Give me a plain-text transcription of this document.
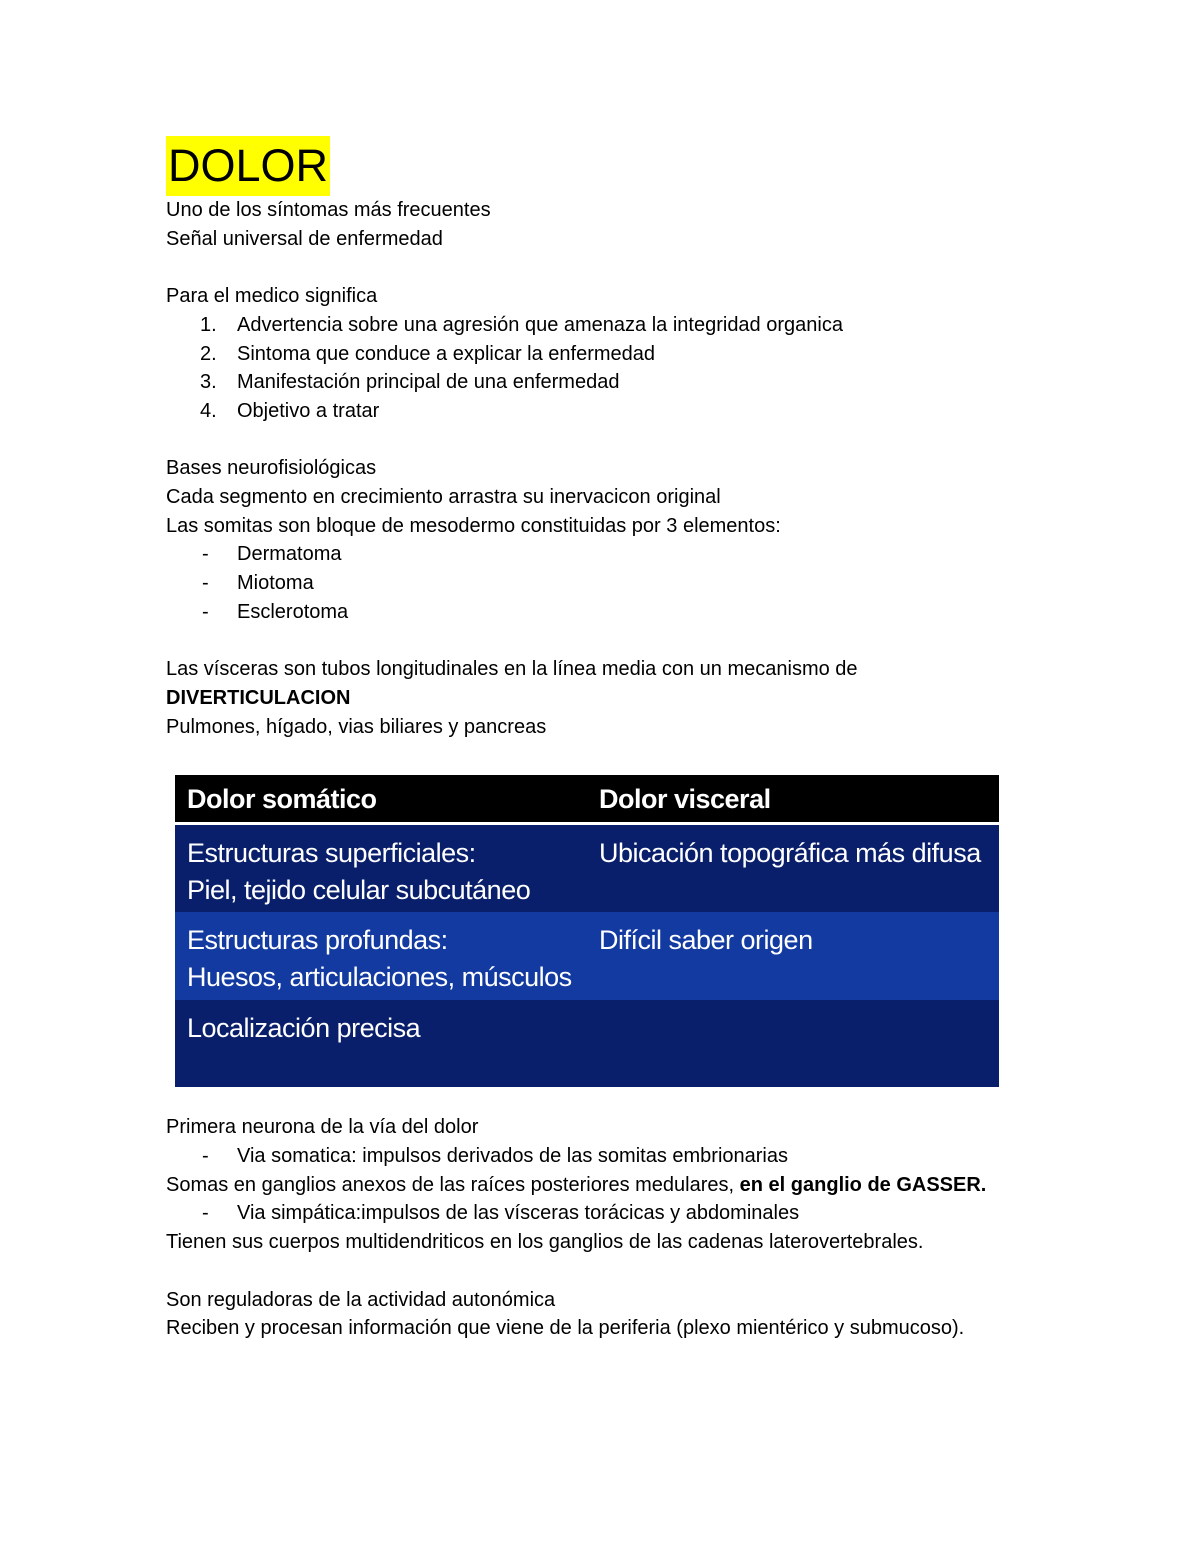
DOLOR
Uno de los síntomas más frecuentes
Señal universal de enfermedad
Para el medico significa
1. Advertencia sobre una agresión que amenaza la integridad organica
2. Sintoma que conduce a explicar la enfermedad
3. Manifestación principal de una enfermedad
4. Objetivo a tratar
Bases neurofisiológicas
Cada segmento en crecimiento arrastra su inervacicon original
Las somitas son bloque de mesodermo constituidas por 3 elementos:
- Dermatoma
- Miotoma
- Esclerotoma
Las vísceras son tubos longitudinales en la línea media con un mecanismo de
DIVERTICULACION
Pulmones, hígado, vias biliares y pancreas
Primera neurona de la vía del dolor
- Via somatica: impulsos derivados de las somitas embrionarias
Somas en ganglios anexos de las raíces posteriores medulares, en el ganglio de GASSER.
- Via simpática:impulsos de las vísceras torácicas y abdominales
Tienen sus cuerpos multidendriticos en los ganglios de las cadenas laterovertebrales.
Son reguladoras de la actividad autonómica
Reciben y procesan información que viene de la periferia (plexo mientérico y submucoso).
Dolor somático	Dolor visceral
Estructuras superficiales:
Piel, tejido celular subcutáneo
Ubicación topográfica más difusa
Estructuras profundas:
Huesos, articulaciones, músculos
Difícil saber origen
Localización precisa
